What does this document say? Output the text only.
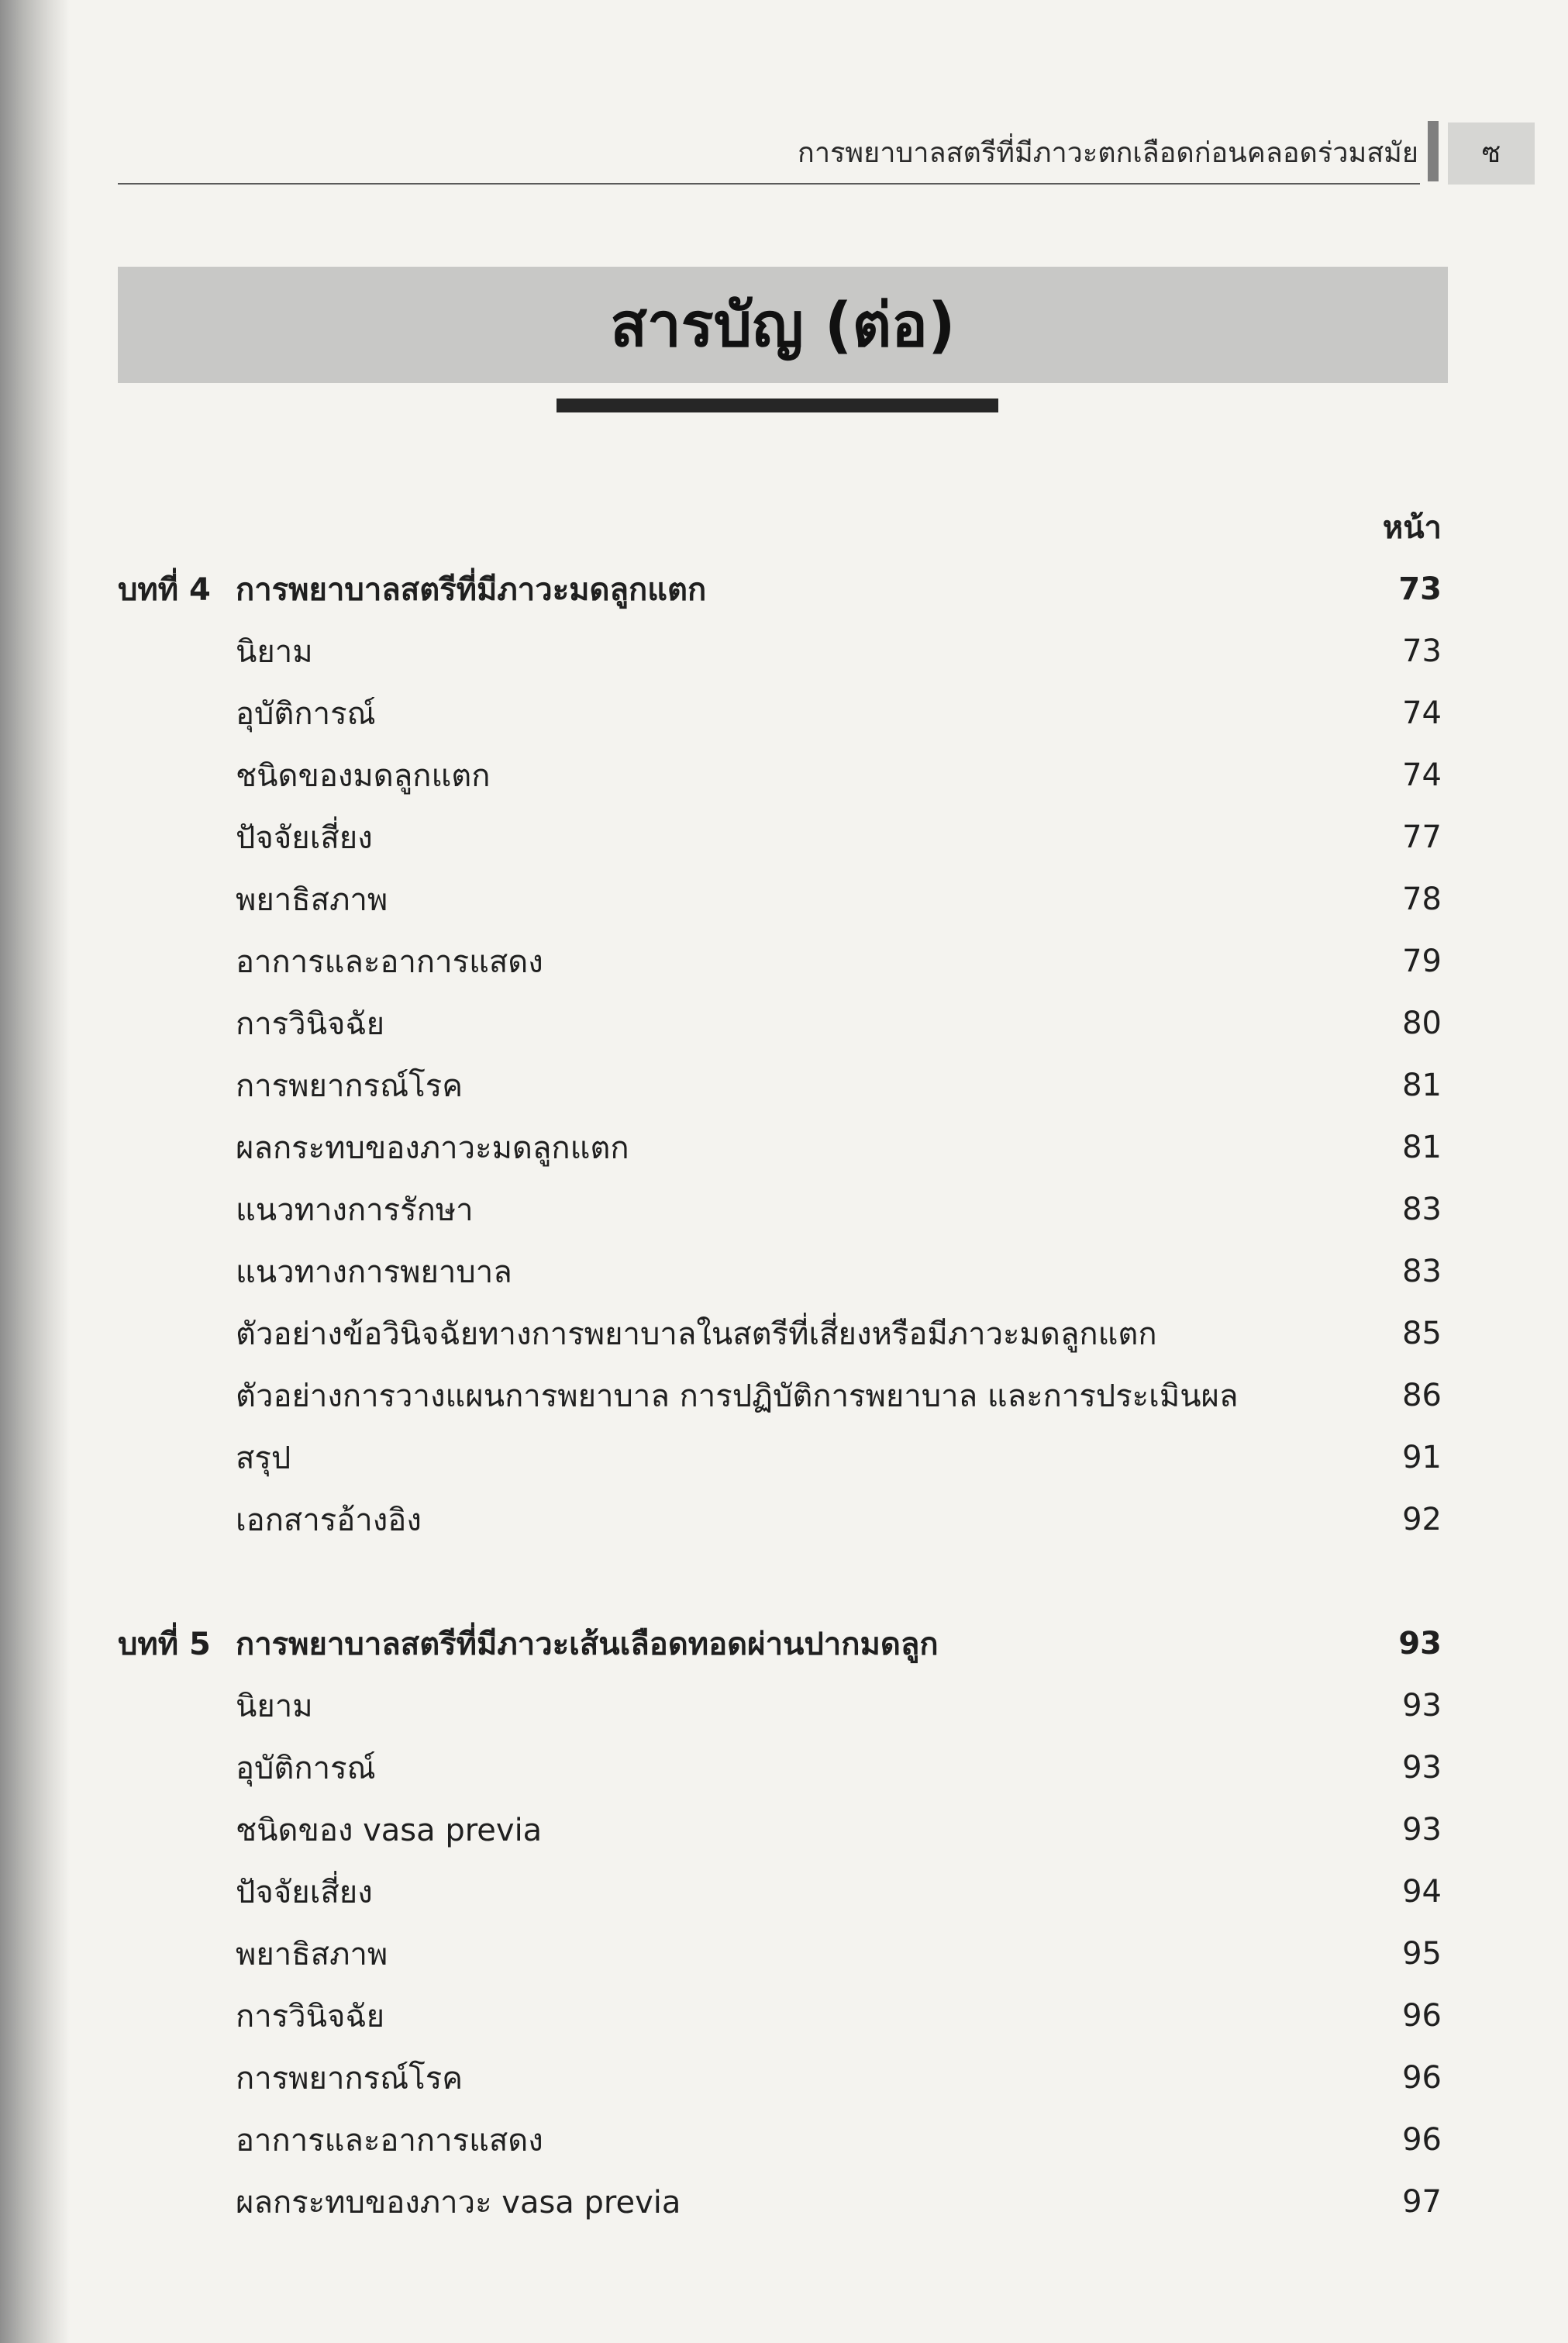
การพยาบาลสตรีที่มีภาวะตกเลือดก่อนคลอดร่วมสมัย	ซ
สารบัญ (ต่อ)
หน้า
บทที่ 4 การพยาบาลสตรีที่มีภาวะมดลูกแตก	73
นิยาม	73
อุบัติการณ์	74
ชนิดของมดลูกแตก	74
ปัจจัยเสี่ยง	77
พยาธิสภาพ	78
อาการและอาการแสดง	79
การวินิจฉัย	80
การพยากรณ์โรค	81
ผลกระทบของภาวะมดลูกแตก	81
แนวทางการรักษา	83
แนวทางการพยาบาล	83
ตัวอย่างข้อวินิจฉัยทางการพยาบาลในสตรีที่เสี่ยงหรือมีภาวะมดลูกแตก	85
ตัวอย่างการวางแผนการพยาบาล การปฏิบัติการพยาบาล และการประเมินผล	86
สรุป	91
เอกสารอ้างอิง	92
บทที่ 5 การพยาบาลสตรีที่มีภาวะเส้นเลือดทอดผ่านปากมดลูก	93
นิยาม	93
อุบัติการณ์	93
ชนิดของ vasa previa	93
ปัจจัยเสี่ยง	94
พยาธิสภาพ	95
การวินิจฉัย	96
การพยากรณ์โรค	96
อาการและอาการแสดง	96
ผลกระทบของภาวะ vasa previa	97
